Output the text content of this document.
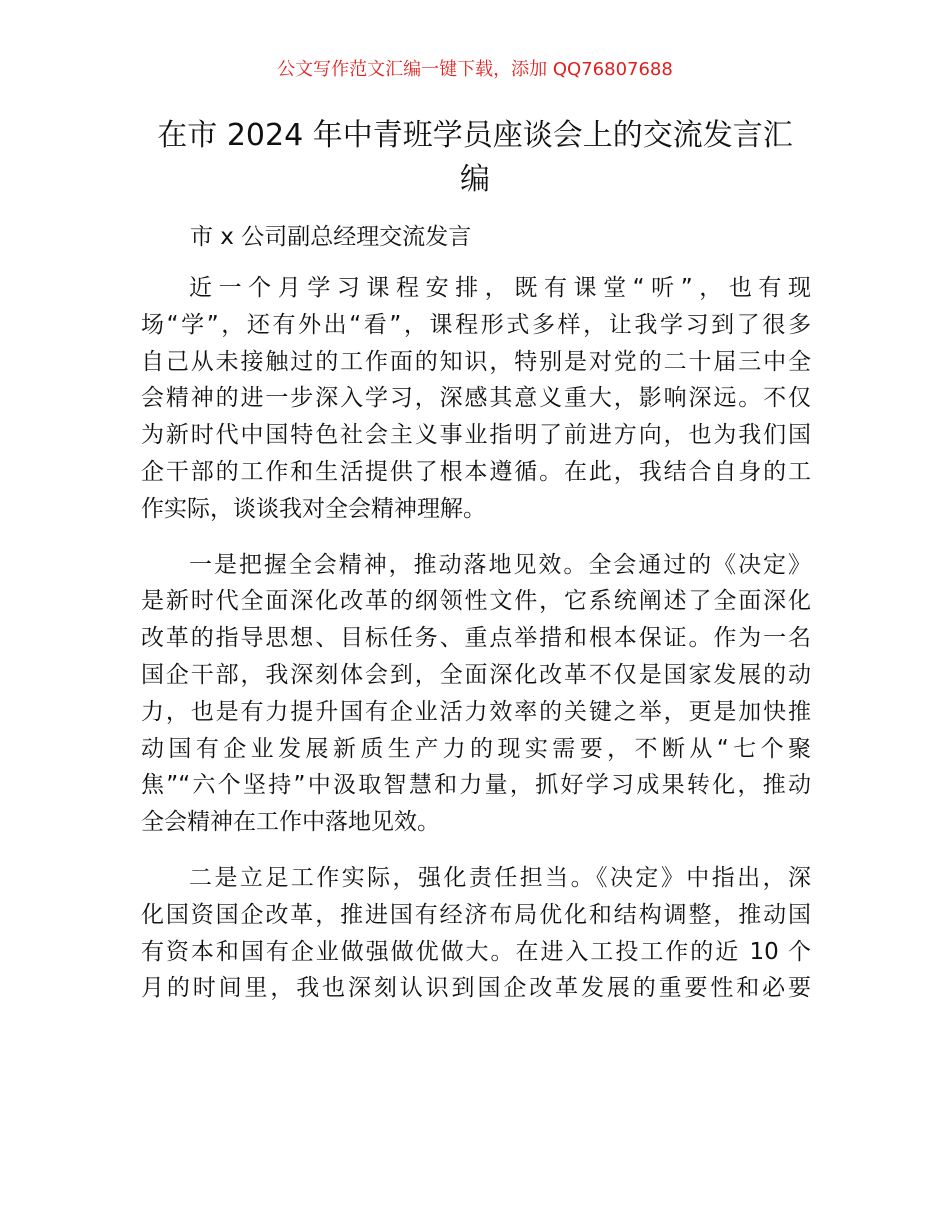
公文写作范文汇编一键下载，添加 QQ76807688
在市 2024 年中青班学员座谈会上的交流发言汇
编
市 x 公司副总经理交流发言
近一个月学习课程安排，既有课堂“听”，也有现
场“学”，还有外出“看”，课程形式多样，让我学习到了很多
自己从未接触过的工作面的知识，特别是对党的二十届三中全
会精神的进一步深入学习，深感其意义重大，影响深远。不仅
为新时代中国特色社会主义事业指明了前进方向，也为我们国
企干部的工作和生活提供了根本遵循。在此，我结合自身的工
作实际，谈谈我对全会精神理解。
一是把握全会精神，推动落地见效。全会通过的《决定》
是新时代全面深化改革的纲领性文件，它系统阐述了全面深化
改革的指导思想、目标任务、重点举措和根本保证。作为一名
国企干部，我深刻体会到，全面深化改革不仅是国家发展的动
力，也是有力提升国有企业活力效率的关键之举，更是加快推
动国有企业发展新质生产力的现实需要，不断从“七个聚
焦”“六个坚持”中汲取智慧和力量，抓好学习成果转化，推动
全会精神在工作中落地见效。
二是立足工作实际，强化责任担当。《决定》中指出，深
化国资国企改革，推进国有经济布局优化和结构调整，推动国
有资本和国有企业做强做优做大。在进入工投工作的近 10 个
月的时间里，我也深刻认识到国企改革发展的重要性和必要
